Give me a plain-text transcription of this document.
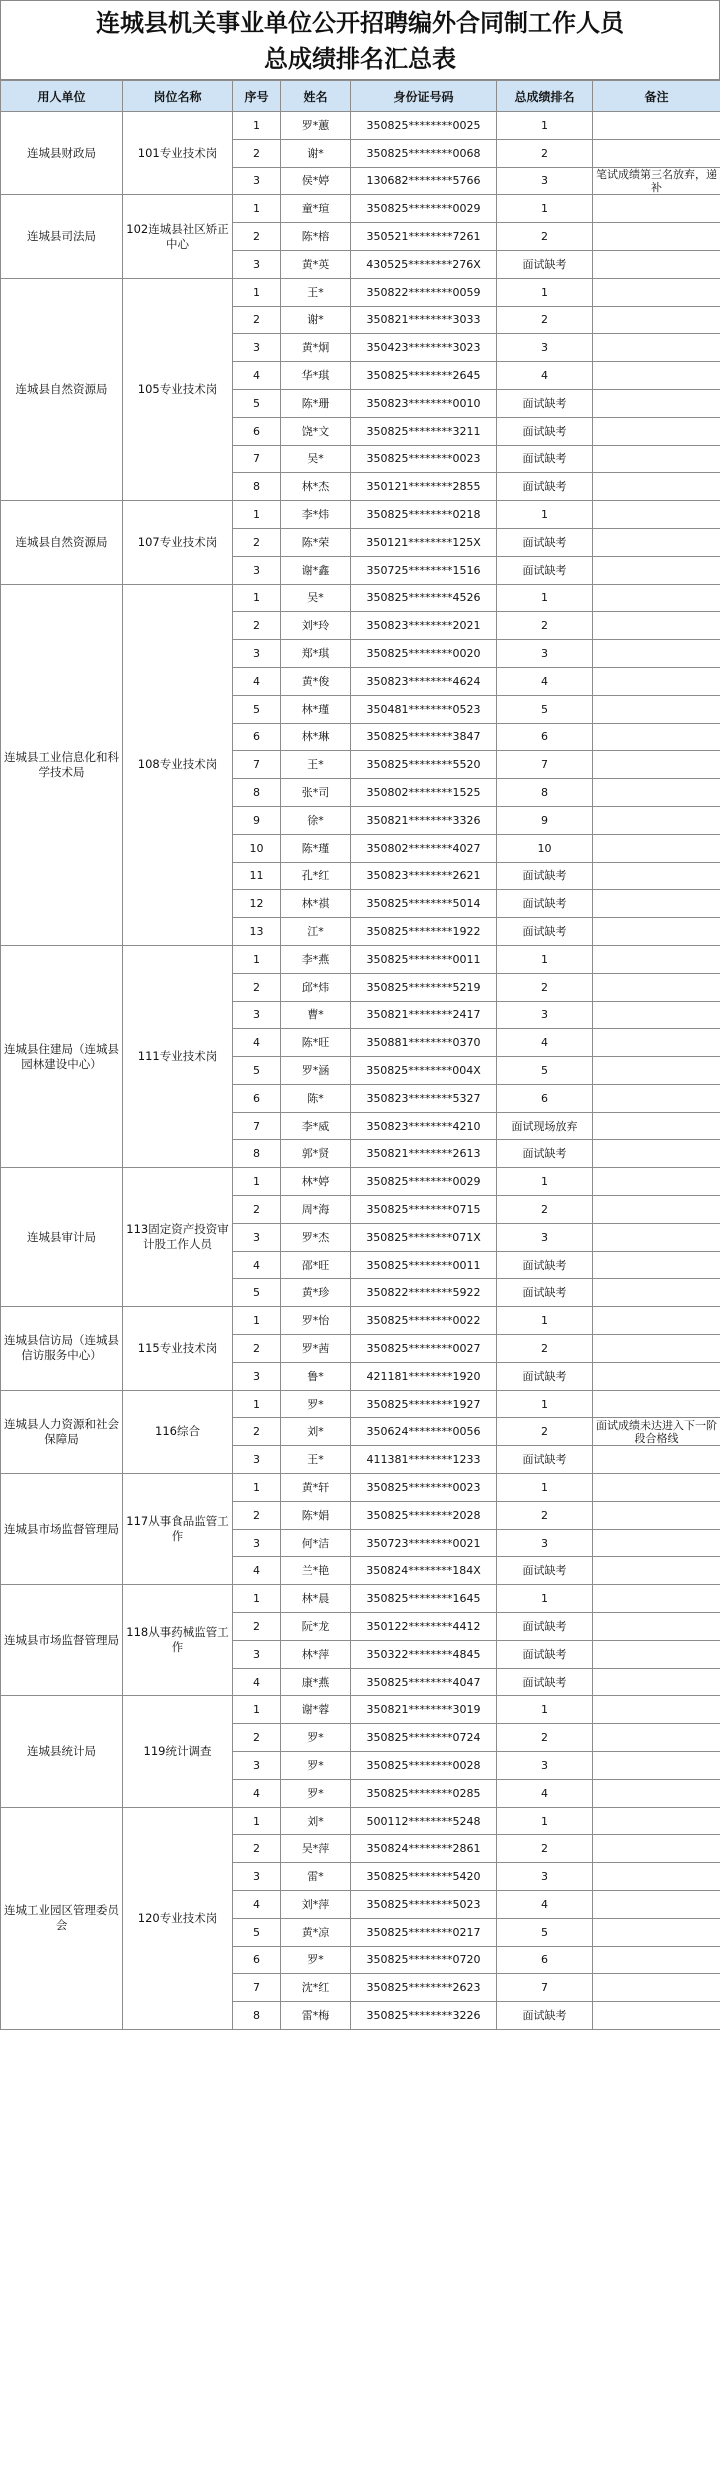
连城县机关事业单位公开招聘编外合同制工作人员
总成绩排名汇总表
用人单位	岗位名称	序号	姓名	身份证号码	总成绩排名	备注
连城县财政局	101专业技术岗	1	罗*蕙	350825********0025	1	
		2	谢*	350825********0068	2	
		3	侯*婷	130682********5766	3	笔试成绩第三名放弃，递补
连城县司法局	102连城县社区矫正中心	1	童*瑄	350825********0029	1	
		2	陈*榕	350521********7261	2	
		3	黄*英	430525********276X	面试缺考	
连城县自然资源局	105专业技术岗	1	王*	350822********0059	1	
		2	谢*	350821********3033	2	
		3	黄*炯	350423********3023	3	
		4	华*琪	350825********2645	4	
		5	陈*珊	350823********0010	面试缺考	
		6	饶*文	350825********3211	面试缺考	
		7	吴*	350825********0023	面试缺考	
		8	林*杰	350121********2855	面试缺考	
连城县自然资源局	107专业技术岗	1	李*炜	350825********0218	1	
		2	陈*荣	350121********125X	面试缺考	
		3	谢*鑫	350725********1516	面试缺考	
连城县工业信息化和科学技术局	108专业技术岗	1	吴*	350825********4526	1	
		2	刘*玲	350823********2021	2	
		3	郑*琪	350825********0020	3	
		4	黄*俊	350823********4624	4	
		5	林*瑾	350481********0523	5	
		6	林*琳	350825********3847	6	
		7	王*	350825********5520	7	
		8	张*司	350802********1525	8	
		9	徐*	350821********3326	9	
		10	陈*瑾	350802********4027	10	
		11	孔*红	350823********2621	面试缺考	
		12	林*祺	350825********5014	面试缺考	
		13	江*	350825********1922	面试缺考	
连城县住建局（连城县园林建设中心）	111专业技术岗	1	李*燕	350825********0011	1	
		2	邱*炜	350825********5219	2	
		3	曹*	350821********2417	3	
		4	陈*旺	350881********0370	4	
		5	罗*涵	350825********004X	5	
		6	陈*	350823********5327	6	
		7	李*威	350823********4210	面试现场放弃	
		8	郭*贤	350821********2613	面试缺考	
连城县审计局	113固定资产投资审计股工作人员	1	林*婷	350825********0029	1	
		2	周*海	350825********0715	2	
		3	罗*杰	350825********071X	3	
		4	邵*旺	350825********0011	面试缺考	
		5	黄*珍	350822********5922	面试缺考	
连城县信访局（连城县信访服务中心）	115专业技术岗	1	罗*怡	350825********0022	1	
		2	罗*茜	350825********0027	2	
		3	鲁*	421181********1920	面试缺考	
连城县人力资源和社会保障局	116综合	1	罗*	350825********1927	1	
		2	刘*	350624********0056	2	面试成绩未达进入下一阶段合格线
		3	王*	411381********1233	面试缺考	
连城县市场监督管理局	117从事食品监管工作	1	黄*轩	350825********0023	1	
		2	陈*娟	350825********2028	2	
		3	何*洁	350723********0021	3	
		4	兰*艳	350824********184X	面试缺考	
连城县市场监督管理局	118从事药械监管工作	1	林*晨	350825********1645	1	
		2	阮*龙	350122********4412	面试缺考	
		3	林*萍	350322********4845	面试缺考	
		4	康*燕	350825********4047	面试缺考	
连城县统计局	119统计调查	1	谢*蓉	350821********3019	1	
		2	罗*	350825********0724	2	
		3	罗*	350825********0028	3	
		4	罗*	350825********0285	4	
连城工业园区管理委员会	120专业技术岗	1	刘*	500112********5248	1	
		2	吴*萍	350824********2861	2	
		3	雷*	350825********5420	3	
		4	刘*萍	350825********5023	4	
		5	黄*凉	350825********0217	5	
		6	罗*	350825********0720	6	
		7	沈*红	350825********2623	7	
		8	雷*梅	350825********3226	面试缺考	
